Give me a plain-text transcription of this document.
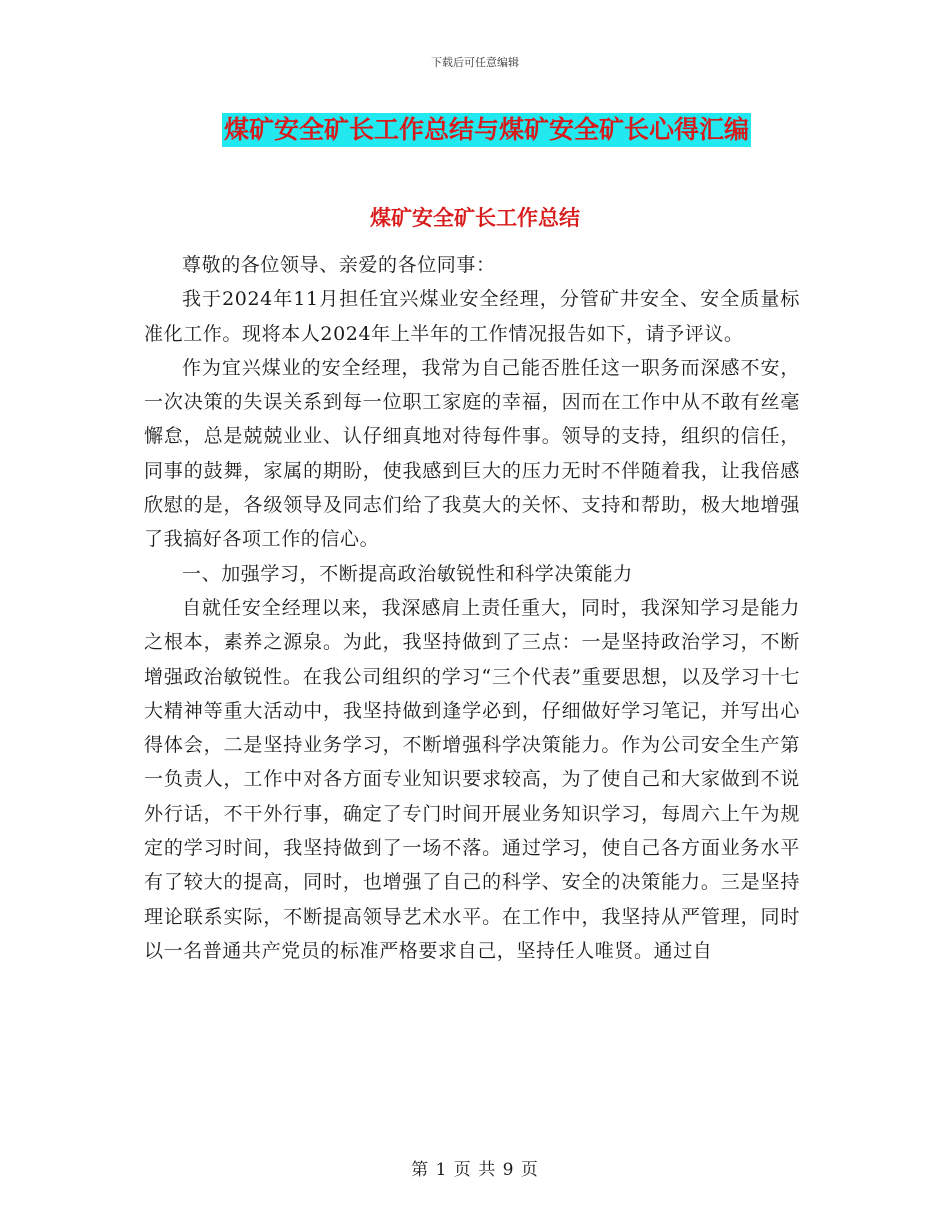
下载后可任意编辑
煤矿安全矿长工作总结与煤矿安全矿长心得汇编
煤矿安全矿长工作总结

尊敬的各位领导、亲爱的各位同事：

我于2024年11月担任宜兴煤业安全经理，分管矿井安全、安全质量标准化工作。现将本人2024年上半年的工作情况报告如下，请予评议。

作为宜兴煤业的安全经理，我常为自己能否胜任这一职务而深感不安，一次决策的失误关系到每一位职工家庭的幸福，因而在工作中从不敢有丝毫懈怠，总是兢兢业业、认仔细真地对待每件事。领导的支持，组织的信任，同事的鼓舞，家属的期盼，使我感到巨大的压力无时不伴随着我，让我倍感欣慰的是，各级领导及同志们给了我莫大的关怀、支持和帮助，极大地增强了我搞好各项工作的信心。

一、加强学习，不断提高政治敏锐性和科学决策能力

自就任安全经理以来，我深感肩上责任重大，同时，我深知学习是能力之根本，素养之源泉。为此，我坚持做到了三点：一是坚持政治学习，不断增强政治敏锐性。在我公司组织的学习“三个代表”重要思想，以及学习十七大精神等重大活动中，我坚持做到逢学必到，仔细做好学习笔记，并写出心得体会，二是坚持业务学习，不断增强科学决策能力。作为公司安全生产第一负责人，工作中对各方面专业知识要求较高，为了使自己和大家做到不说外行话，不干外行事，确定了专门时间开展业务知识学习，每周六上午为规定的学习时间，我坚持做到了一场不落。通过学习，使自己各方面业务水平有了较大的提高，同时，也增强了自己的科学、安全的决策能力。三是坚持理论联系实际，不断提高领导艺术水平。在工作中，我坚持从严管理，同时以一名普通共产党员的标准严格要求自己，坚持任人唯贤。通过自

第 1 页 共 9 页
